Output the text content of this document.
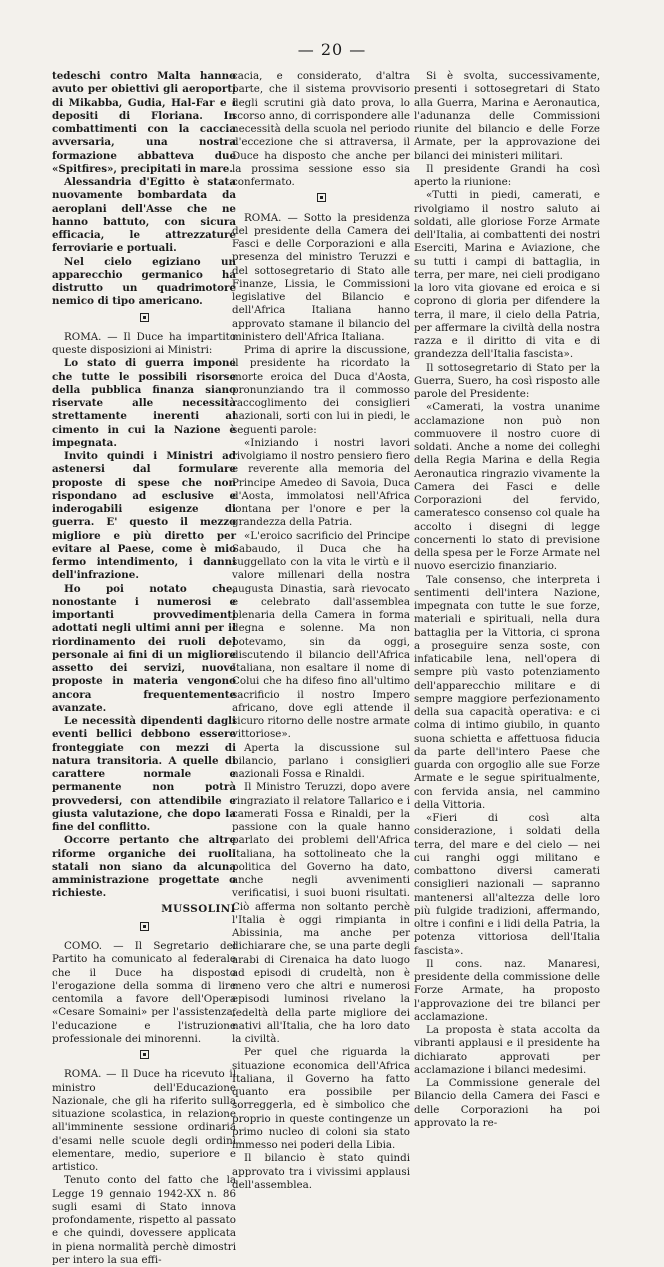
— 20 —

tedeschi contro Malta hanno avuto per obiettivi gli aeroporti di Mikabba, Gudia, Hal-Far e i depositi di Floriana. In combattimenti con la caccia avversaria, una nostra formazione abbatteva due «Spitfires», precipitati in mare.

Alessandria d'Egitto è stata nuovamente bombardata da aeroplani dell'Asse che ne hanno battuto, con sicura efficacia, le attrezzature ferroviarie e portuali.

Nel cielo egiziano un apparecchio germanico ha distrutto un quadrimotore nemico di tipo americano.

ROMA. — Il Duce ha impartito queste disposizioni ai Ministri:

Lo stato di guerra impone che tutte le possibili risorse della pubblica finanza siano riservate alle necessità strettamente inerenti al cimento in cui la Nazione è impegnata.

Invito quindi i Ministri ad astenersi dal formulare proposte di spese che non rispondano ad esclusive e inderogabili esigenze di guerra. E' questo il mezzo migliore e più diretto per evitare al Paese, come è mio fermo intendimento, i danni dell'infrazione.

Ho poi notato che, nonostante i numerosi e importanti provvedimenti adottati negli ultimi anni per il riordinamento dei ruoli del personale ai fini di un migliore assetto dei servizi, nuove proposte in materia vengono ancora frequentemente avanzate.

Le necessità dipendenti dagli eventi bellici debbono essere fronteggiate con mezzi di natura transitoria. A quelle di carattere normale e permanente non potrà provvedersi, con attendibile e giusta valutazione, che dopo la fine del conflitto.

Occorre pertanto che altre riforme organiche dei ruoli statali non siano da alcuna amministrazione progettate o richieste.

MUSSOLINI

COMO. — Il Segretario del Partito ha comunicato al federale che il Duce ha disposto l'erogazione della somma di lire centomila a favore dell'Opera «Cesare Somaini» per l'assistenza, l'educazione e l'istruzione professionale dei minorenni.

ROMA. — Il Duce ha ricevuto il ministro dell'Educazione Nazionale, che gli ha riferito sulla situazione scolastica, in relazione all'imminente sessione ordinaria d'esami nelle scuole degli ordini elementare, medio, superiore e artistico.

Tenuto conto del fatto che la Legge 19 gennaio 1942-XX n. 86 sugli esami di Stato innova profondamente, rispetto al passato e che quindi, dovessere applicata in piena normalità perchè dimostri per intero la sua effi-

cacia, e considerato, d'altra parte, che il sistema provvisorio degli scrutini già dato prova, lo scorso anno, di corrispondere alle necessità della scuola nel periodo d'eccezione che si attraversa, il Duce ha disposto che anche per la prossima sessione esso sia confermato.

ROMA. — Sotto la presidenza del presidente della Camera dei Fasci e delle Corporazioni e alla presenza del ministro Teruzzi e del sottosegretario di Stato alle Finanze, Lissia, le Commissioni legislative del Bilancio e dell'Africa Italiana hanno approvato stamane il bilancio del ministero dell'Africa Italiana.

Prima di aprire la discussione, il presidente ha ricordato la morte eroica del Duca d'Aosta, pronunziando tra il commosso raccoglimento dei consiglieri nazionali, sorti con lui in piedi, le seguenti parole:

«Iniziando i nostri lavori rivolgiamo il nostro pensiero fiero e reverente alla memoria del Principe Amedeo di Savoia, Duca d'Aosta, immolatosi nell'Africa lontana per l'onore e per la grandezza della Patria.

«L'eroico sacrificio del Principe Sabaudo, il Duca che ha suggellato con la vita le virtù e il valore millenari della nostra augusta Dinastia, sarà rievocato e celebrato dall'assemblea plenaria della Camera in forma degna e solenne. Ma non potevamo, sin da oggi, discutendo il bilancio dell'Africa Italiana, non esaltare il nome di Colui che ha difeso fino all'ultimo sacrificio il nostro Impero africano, dove egli attende il sicuro ritorno delle nostre armate vittoriose».

Aperta la discussione sul bilancio, parlano i consiglieri nazionali Fossa e Rinaldi.

Il Ministro Teruzzi, dopo avere ringraziato il relatore Tallarico e i camerati Fossa e Rinaldi, per la passione con la quale hanno parlato dei problemi dell'Africa Italiana, ha sottolineato che la politica del Governo ha dato, anche negli avvenimenti verificatisi, i suoi buoni risultati. Ciò afferma non soltanto perchè l'Italia è oggi rimpianta in Abissinia, ma anche per dichiarare che, se una parte degli arabi di Cirenaica ha dato luogo ad episodi di crudeltà, non è meno vero che altri e numerosi episodi luminosi rivelano la fedeltà della parte migliore dei nativi all'Italia, che ha loro dato la civiltà.

Per quel che riguarda la situazione economica dell'Africa Italiana, il Governo ha fatto quanto era possibile per sorreggerla, ed è simbolico che proprio in queste contingenze un primo nucleo di coloni sia stato immesso nei poderi della Libia.

Il bilancio è stato quindi approvato tra i vivissimi applausi dell'assemblea.

Si è svolta, successivamente, presenti i sottosegretari di Stato alla Guerra, Marina e Aeronautica, l'adunanza delle Commissioni riunite del bilancio e delle Forze Armate, per la approvazione dei bilanci dei ministeri militari.

Il presidente Grandi ha così aperto la riunione:

«Tutti in piedi, camerati, e rivolgiamo il nostro saluto ai soldati, alle gloriose Forze Armate dell'Italia, ai combattenti dei nostri Eserciti, Marina e Aviazione, che su tutti i campi di battaglia, in terra, per mare, nei cieli prodigano la loro vita giovane ed eroica e si coprono di gloria per difendere la terra, il mare, il cielo della Patria, per affermare la civiltà della nostra razza e il diritto di vita e di grandezza dell'Italia fascista».

Il sottosegretario di Stato per la Guerra, Suero, ha così risposto alle parole del Presidente:

«Camerati, la vostra unanime acclamazione non può non commuovere il nostro cuore di soldati. Anche a nome dei colleghi della Regia Marina e della Regia Aeronautica ringrazio vivamente la Camera dei Fasci e delle Corporazioni del fervido, cameratesco consenso col quale ha accolto i disegni di legge concernenti lo stato di previsione della spesa per le Forze Armate nel nuovo esercizio finanziario.

Tale consenso, che interpreta i sentimenti dell'intera Nazione, impegnata con tutte le sue forze, materiali e spirituali, nella dura battaglia per la Vittoria, ci sprona a proseguire senza soste, con infaticabile lena, nell'opera di sempre più vasto potenziamento dell'apparecchio militare e di sempre maggiore perfezionamento della sua capacità operativa: e ci colma di intimo giubilo, in quanto suona schietta e affettuosa fiducia da parte dell'intero Paese che guarda con orgoglio alle sue Forze Armate e le segue spiritualmente, con fervida ansia, nel cammino della Vittoria.

«Fieri di così alta considerazione, i soldati della terra, del mare e del cielo — nei cui ranghi oggi militano e combattono diversi camerati consiglieri nazionali — sapranno mantenersi all'altezza delle loro più fulgide tradizioni, affermando, oltre i confini e i lidi della Patria, la potenza vittoriosa dell'Italia fascista».

Il cons. naz. Manaresi, presidente della commissione delle Forze Armate, ha proposto l'approvazione dei tre bilanci per acclamazione.

La proposta è stata accolta da vibranti applausi e il presidente ha dichiarato approvati per acclamazione i bilanci medesimi.

La Commissione generale del Bilancio della Camera dei Fasci e delle Corporazioni ha poi approvato la re-
